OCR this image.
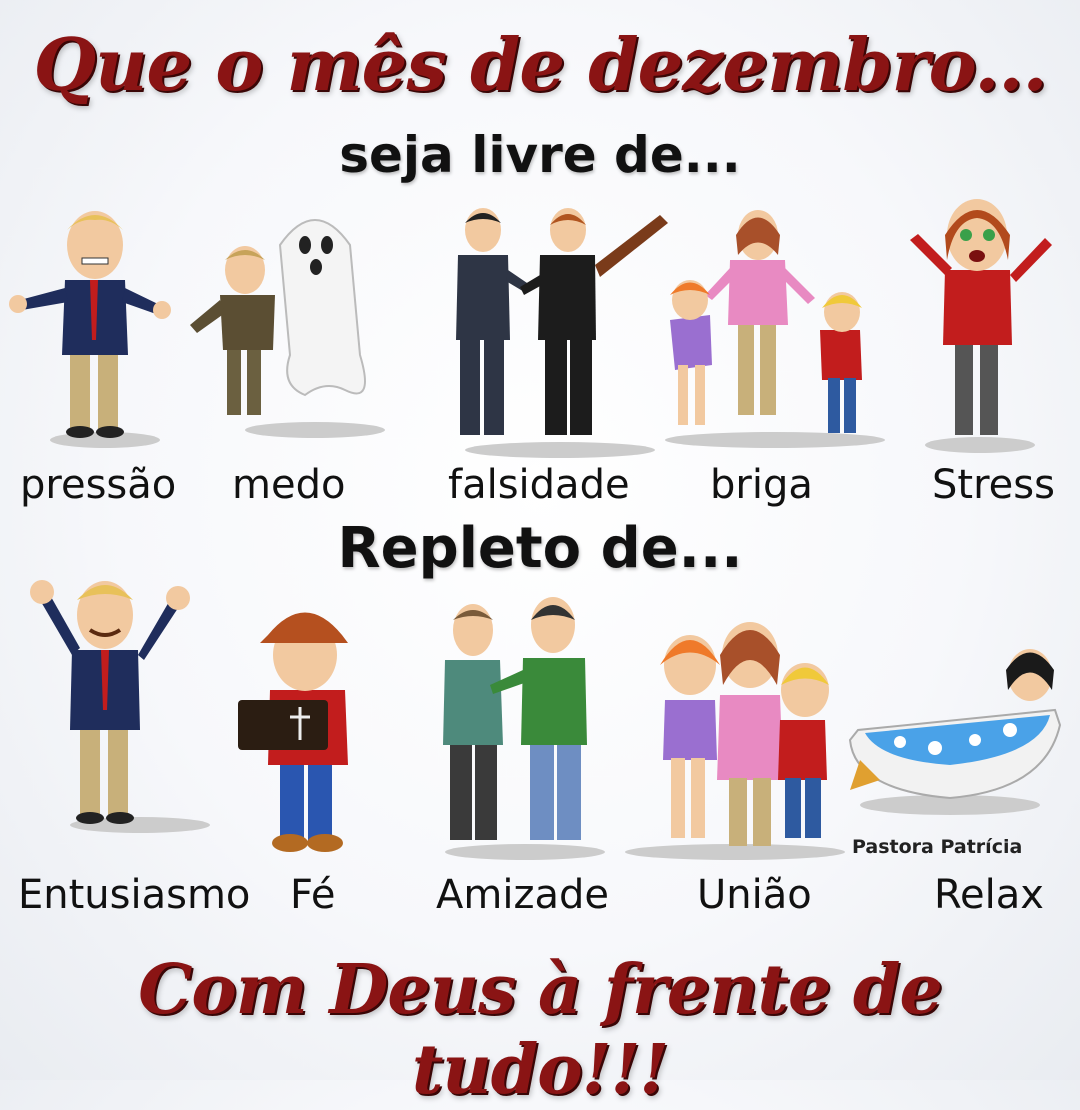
Que o mês de dezembro...
seja livre de...
pressão medo	falsidade briga	Stress
Repleto de...
Pastora Patrícia
Entusiasmo Fé	Amizade União	Relax
Com Deus à frente de tudo!!!
